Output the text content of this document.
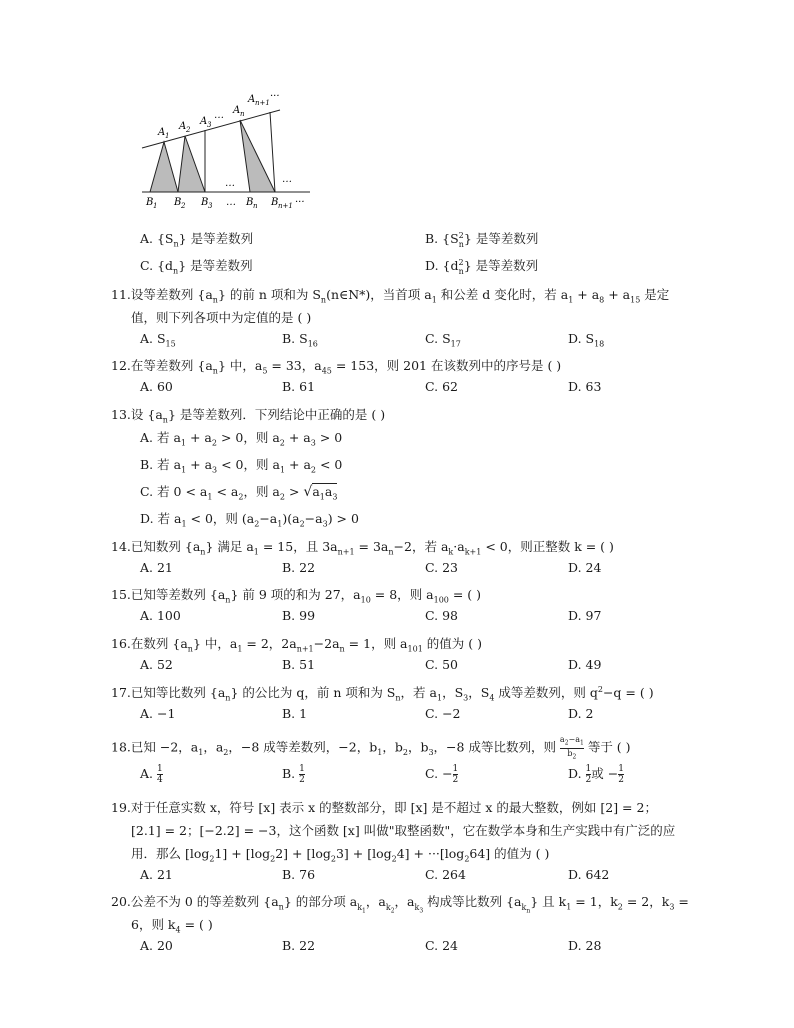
A 1
A 2
A 3
… A n
A n+1
···
…	…
B 1 B 2 B 3 … B n B n+1 ···
A. $\{S_n\}$ 是等差数列	B. $\{S^2_n\}$ 是等差数列
C. $\{d_n\}$ 是等差数列	D. $\{d^2_n\}$ 是等差数列
11.设等差数列 $\{a_n\}$ 的前 n 项和为 $S_n(n\in N*)$，当首项 $a_1$ 和公差 d 变化时，若 $a_1 + a_8 + a_{15}$ 是定
值，则下列各项中为定值的是 ( )
A. $S_{15}$	B. $S_{16}$	C. $S_{17}$	D. $S_{18}$
12.在等差数列 $\{a_n\}$ 中，$a_5 = 33$，$a_{45} = 153$，则 201 在该数列中的序号是 ( )
A. 60	B. 61	C. 62	D. 63
13.设 $\{a_n\}$ 是等差数列．下列结论中正确的是 ( )
A. 若 $a_1 + a_2 > 0$，则 $a_2 + a_3 > 0$
B. 若 $a_1 + a_3 < 0$，则 $a_1 + a_2 < 0$
C. 若 $0 < a_1 < a_2$，则 $a_2 > √a_1a_3$
D. 若 $a_1 < 0$，则 $(a_2-a_1)(a_2-a_3) > 0$
14.已知数列 $\{a_n\}$ 满足 $a_1 = 15$，且 $3a_{n+1} = 3a_n-2$，若 $a_k\cdot a_{k+1} < 0$，则正整数 k = ( )
A. 21	B. 22	C. 23	D. 24
15.已知等差数列 $\{a_n\}$ 前 9 项的和为 27，$a_{10} = 8$，则 $a_{100}$ = ( )
A. 100	B. 99	C. 98	D. 97
16.在数列 $\{a_n\}$ 中，$a_1 = 2$，$2a_{n+1}-2a_n = 1$，则 $a_{101}$ 的值为 ( )
A. 52	B. 51	C. 50	D. 49
17.已知等比数列 $\{a_n\}$ 的公比为 q，前 n 项和为 $S_n$，若 $a_1$，$S_3$，$S_4$ 成等差数列，则 $q^2-q$ = ( )
A. −1	B. 1	C. −2	D. 2
18.已知 −2，$a_1$，$a_2$，−8 成等差数列，−2，$b_1$，$b_2$，$b_3$，−8 成等比数列，则 $\frac{a_2-a_1}{b_2}$ 等于 ( )
A. $\frac{1}{4}$	B. $\frac{1}{2}$	C. − $\frac{1}{2}$	D. $\frac{1}{2}$ 或 − $\frac{1}{2}$
19.对于任意实数 x，符号 [x] 表示 x 的整数部分，即 [x] 是不超过 x 的最大整数，例如 [2] = 2；
[2.1] = 2；[−2.2] = −3，这个函数 [x] 叫做"取整函数"，它在数学本身和生产实践中有广泛的应
用．那么 $[\log_21] + [\log_22] + [\log_23] + [\log_24] + \cdot\cdot\cdot[\log_264]$ 的值为 ( )
A. 21	B. 76	C. 264	D. 642
20.公差不为 0 的等差数列 $\{a_n\}$ 的部分项 $a_{k_1}$，$a_{k_2}$，$a_{k_3}$ 构成等比数列 $\{a_{k_n}\}$ 且 $k_1 = 1$，$k_2 = 2$，$k_3$ =
6，则 $k_4$ = ( )
A. 20	B. 22	C. 24	D. 28
